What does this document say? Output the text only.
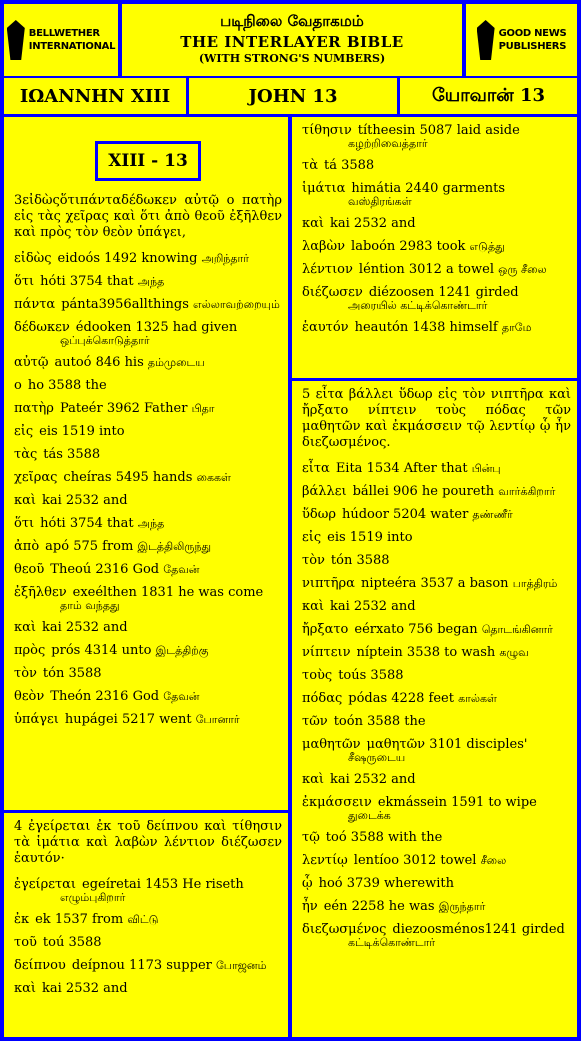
BELLWETHER
INTERNATIONAL
படிநிலை வேதாகமம்
THE INTERLAYER BIBLE
(WITH STRONG'S NUMBERS)
GOOD NEWS
PUBLISHERS
ΙΩΑΝΝΗΝ XIII	JOHN 13	யோவான் 13
XIII - 13
3εἰδὼςὅτιπάνταδέδωκεν αὐτῷ ο πατὴρ εἰς τὰς χεῖρας καὶ ὅτι ἀπὸ θεοῦ ἐξῆλθεν καὶ πρὸς τὸν θεὸν ὑπάγει,
εἰδὼς eidoós 1492 knowing அறிந்தார்
ὅτι hóti 3754 that அந்த
πάντα pánta3956allthings எல்லாவற்றையும்
δέδωκεν édooken 1325 had given
ஒப்புக்கொடுத்தார்
αὐτῷ autoó 846 his தம்முடைய
ο ho 3588 the
πατὴρ Pateér 3962 Father பிதா
εἰς eis 1519 into
τὰς tás 3588
χεῖρας cheíras 5495 hands கைகள்
καὶ kai 2532 and
ὅτι hóti 3754 that அந்த
ἀπὸ apó 575 from இடத்திலிருந்து
θεοῦ Theoú 2316 God தேவன்
ἐξῆλθεν exeélthen 1831 he was come
தாம் வந்தது
καὶ kai 2532 and
πρὸς prós 4314 unto இடத்திற்கு
τὸν tón 3588
θεὸν Theón 2316 God தேவன்
ὑπάγει hupágei 5217 went போனார்
4 ἐγείρεται ἐκ τοῦ δείπνου καὶ τίθησιν τὰ ἱμάτια καὶ λαβὼν λέντιον διέζωσεν ἑαυτόν·
ἐγείρεται egeíretai 1453 He riseth
எழும்புகிறார்
ἐκ ek 1537 from விட்டு
τοῦ toú 3588
δείπνου deípnou 1173 supper போஜனம்
καὶ kai 2532 and
τίθησιν títheesin 5087 laid aside
கழற்றிவைத்தார்
τὰ tá 3588
ἱμάτια himátia 2440 garments
வஸ்திரங்கள்
καὶ kai 2532 and
λαβὼν laboón 2983 took எடுத்து
λέντιον léntion 3012 a towel ஒரு சீலை
διέζωσεν diézoosen 1241 girded
அரையில் கட்டிக்கொண்டார்
ἑαυτόν heautón 1438 himself தாமே
5 εἶτα βάλλει ὕδωρ εἰς τὸν νιπτῆρα καὶ ἤρξατο νίπτειν τοὺς πόδας τῶν μαθητῶν καὶ ἐκμάσσειν τῷ λεντίῳ ᾧ ἦν διεζωσμένος.
εἶτα Eita 1534 After that பின்பு
βάλλει bállei 906 he poureth வார்க்கிறார்
ὕδωρ húdoor 5204 water தண்ணீர்
εἰς eis 1519 into
τὸν tón 3588
νιπτῆρα nipteéra 3537 a bason பாத்திரம்
καὶ kai 2532 and
ἤρξατο eérxato 756 began தொடங்கினார்
νίπτειν níptein 3538 to wash கழுவ
τοὺς toús 3588
πόδας pódas 4228 feet கால்கள்
τῶν toón 3588 the
μαθητῶν μαθητῶν 3101 disciples'
சீஷருடைய
καὶ kai 2532 and
ἐκμάσσειν ekmássein 1591 to wipe
துடைக்க
τῷ toó 3588 with the
λεντίῳ lentíoo 3012 towel சீலை
ᾧ hoó 3739 wherewith
ἦν eén 2258 he was இருந்தார்
διεζωσμένος diezoosménos1241 girded
கட்டிக்கொண்டார்
